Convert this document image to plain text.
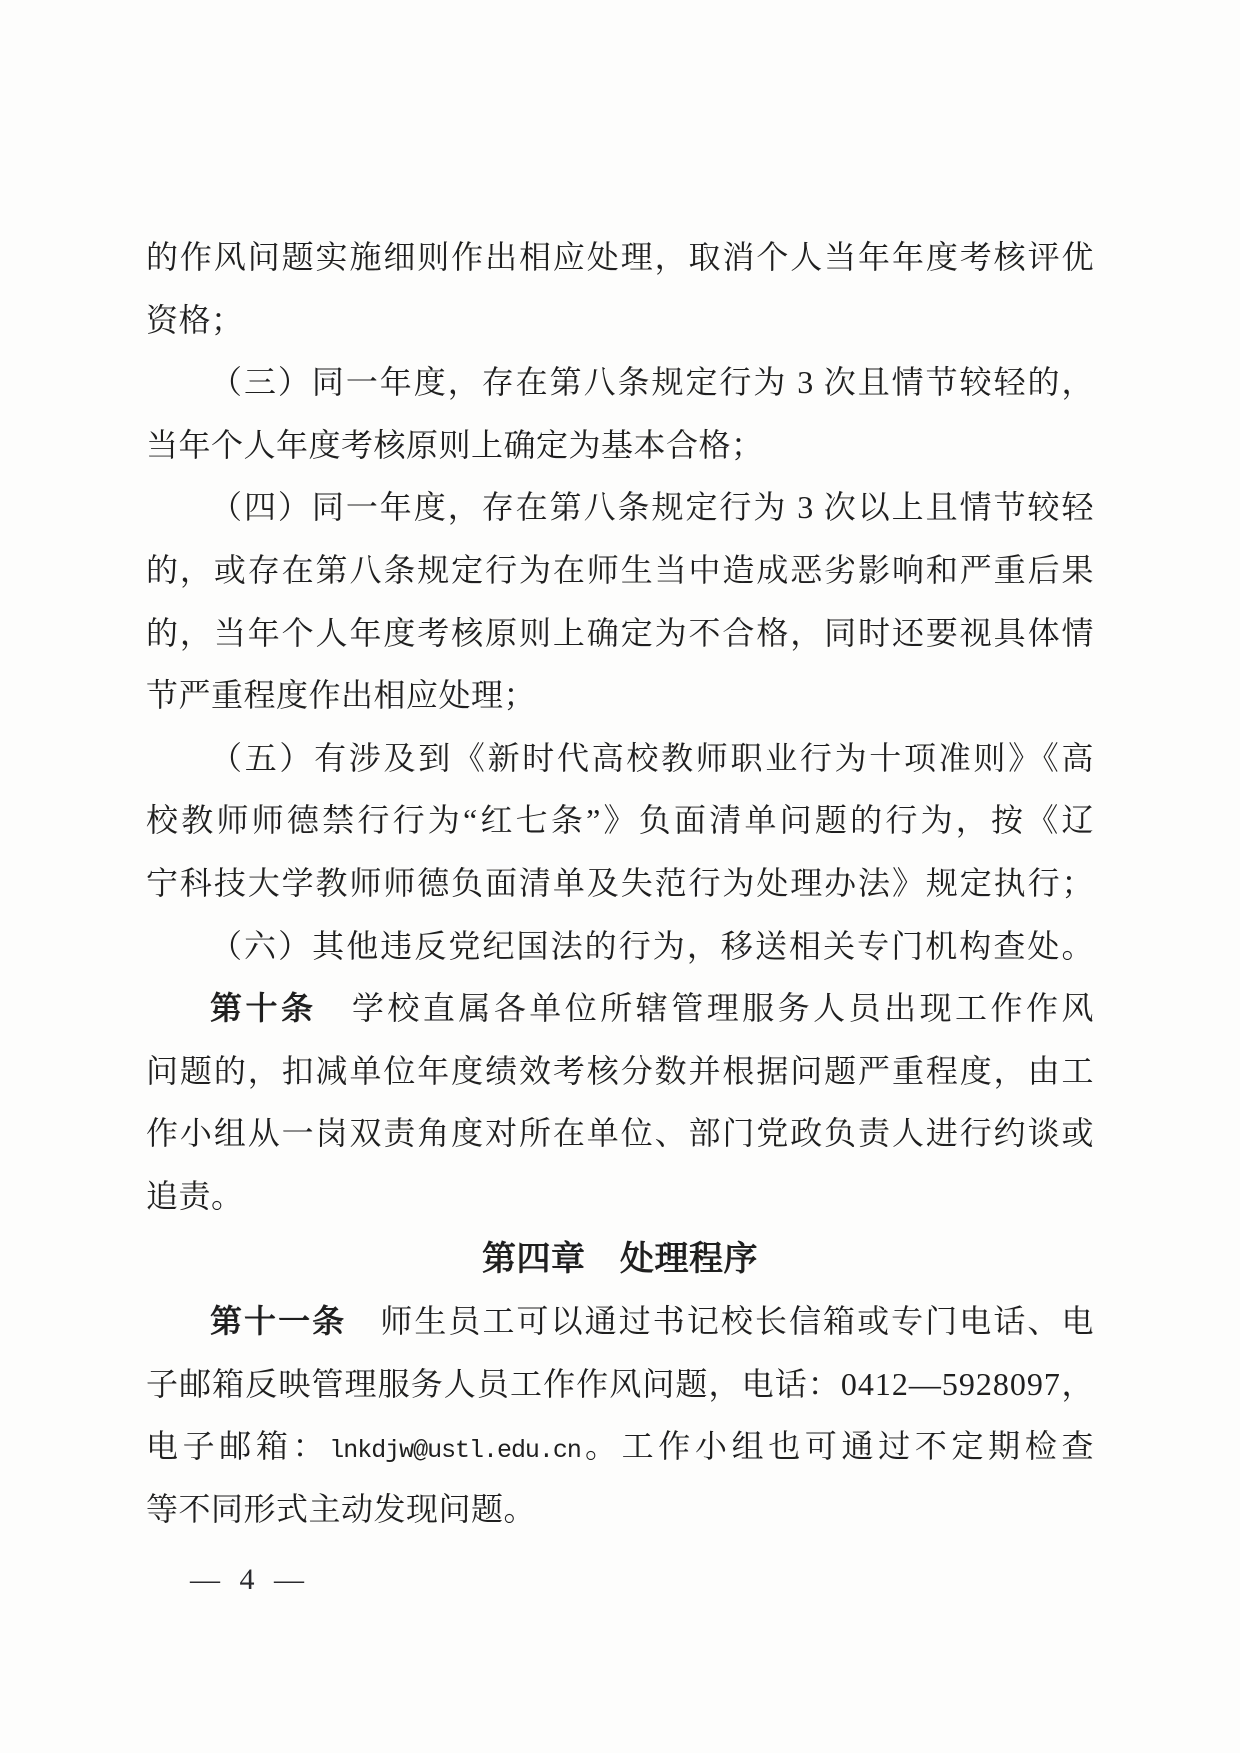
的作风问题实施细则作出相应处理，取消个人当年年度考核评优
资格；
（三）同一年度，存在第八条规定行为 3 次且情节较轻的，
当年个人年度考核原则上确定为基本合格；
（四）同一年度，存在第八条规定行为 3 次以上且情节较轻
的，或存在第八条规定行为在师生当中造成恶劣影响和严重后果
的，当年个人年度考核原则上确定为不合格，同时还要视具体情
节严重程度作出相应处理；
（五）有涉及到《新时代高校教师职业行为十项准则》《高
校教师师德禁行行为“红七条”》负面清单问题的行为，按《辽
宁科技大学教师师德负面清单及失范行为处理办法》规定执行；
（六）其他违反党纪国法的行为，移送相关专门机构查处。
第十条　学校直属各单位所辖管理服务人员出现工作作风
问题的，扣减单位年度绩效考核分数并根据问题严重程度，由工
作小组从一岗双责角度对所在单位、部门党政负责人进行约谈或
追责。
第四章　处理程序
第十一条　师生员工可以通过书记校长信箱或专门电话、电
子邮箱反映管理服务人员工作作风问题，电话：0412—5928097，
电子邮箱：lnkdjw@ustl.edu.cn。工作小组也可通过不定期检查
等不同形式主动发现问题。
— 4 —
